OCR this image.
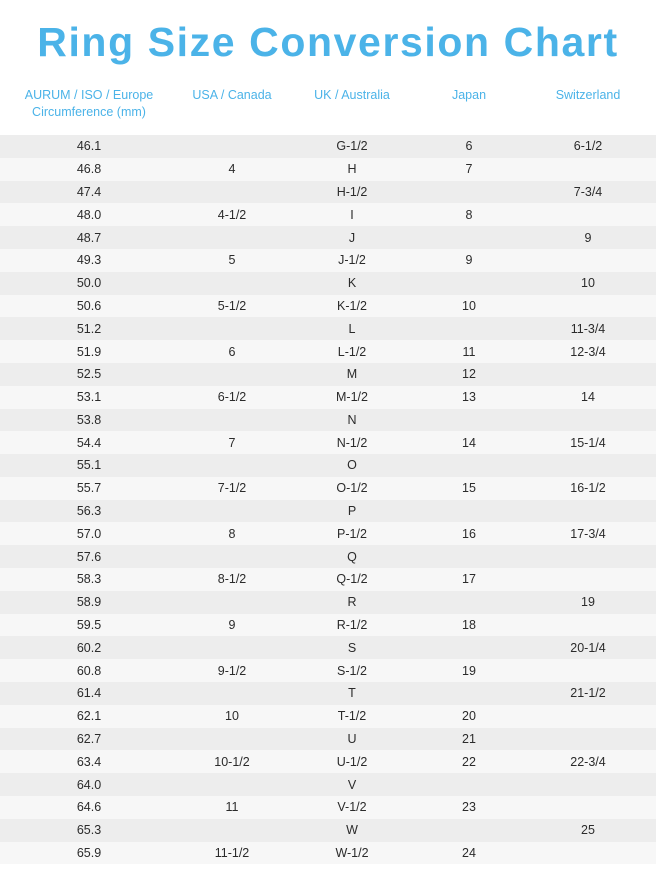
Ring Size Conversion Chart
AURUM / ISO / Europe Circumference (mm)	USA / Canada	UK / Australia	Japan	Switzerland
46.1		G-1/2	6	6-1/2
46.8	4	H	7	
47.4		H-1/2		7-3/4
48.0	4-1/2	I	8	
48.7		J		9
49.3	5	J-1/2	9	
50.0		K		10
50.6	5-1/2	K-1/2	10	
51.2		L		11-3/4
51.9	6	L-1/2	11	12-3/4
52.5		M	12	
53.1	6-1/2	M-1/2	13	14
53.8		N		
54.4	7	N-1/2	14	15-1/4
55.1		O		
55.7	7-1/2	O-1/2	15	16-1/2
56.3		P		
57.0	8	P-1/2	16	17-3/4
57.6		Q		
58.3	8-1/2	Q-1/2	17	
58.9		R		19
59.5	9	R-1/2	18	
60.2		S		20-1/4
60.8	9-1/2	S-1/2	19	
61.4		T		21-1/2
62.1	10	T-1/2	20	
62.7		U	21	
63.4	10-1/2	U-1/2	22	22-3/4
64.0		V		
64.6	11	V-1/2	23	
65.3		W		25
65.9	11-1/2	W-1/2	24	
